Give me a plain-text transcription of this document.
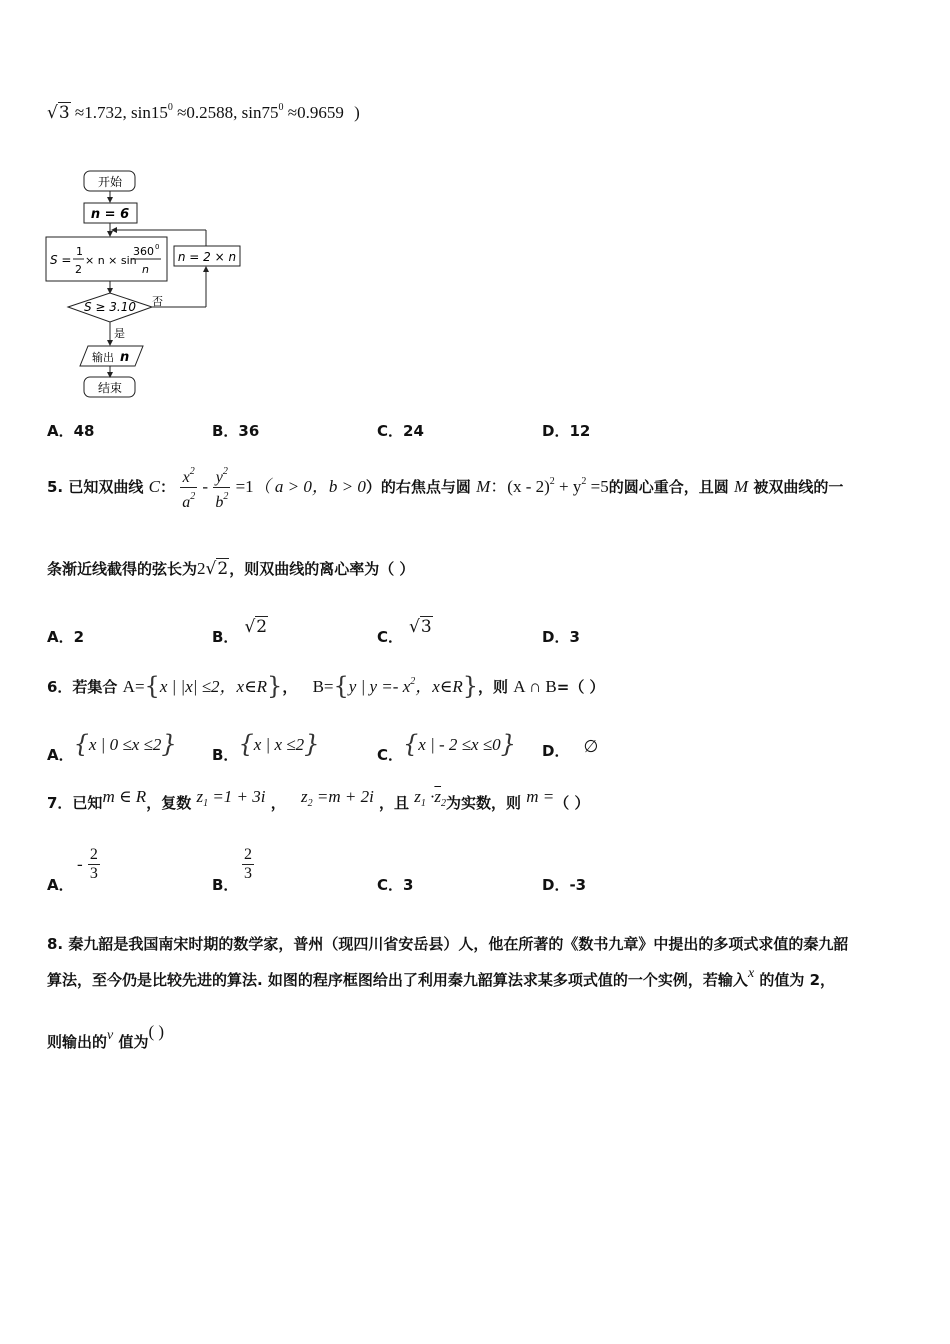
√3 ≈1.732, $\sin 15^0 \approx 0.2588$, $\sin 75^0 \approx 0.9659$ )
开始
n = 6
S =
1
2
× n × sin
360 0
n
S ≥ 3.10 否
n = 2 × n
是
输出 n
结束
A．48	B．36	C．24	D．12
5. 已知双曲线 C： $\frac{x^2}{a^2} - \frac{y^2}{b^2} =1$（ a > 0，b > 0）的右焦点与圆 M：$(x - 2)^2 + y^2 =5$的圆心重合，且圆 M 被双曲线的一
条渐近线截得的弦长为2√2，则双曲线的离心率为（ ）
A．2	B． √2	C． √3	D．3
6．若集合 A={x | |x| ≤2，x∈R}， B={y | $y =- x^2$，x∈R}，则 A ∩ B=（ ）
A．{x | 0 ≤x ≤2} B．{x | x ≤2}	C．{x | - 2 ≤x ≤0} D． ∅
7．已知m ∈ R，复数 $z_1 =1 + 3i$ ， $z_2 =m + 2i$ ，且 $z_1 \cdot\overline{z}_2$为实数，则 m =（ ）
A．
- $\frac{2}{3}$
B．
$\frac{2}{3}$
C．3	D．-3
8. 秦九韶是我国南宋时期的数学家，普州（现四川省安岳县）人，他在所著的《数书九章》中提出的多项式求值的秦九韶
算法，至今仍是比较先进的算法. 如图的程序框图给出了利用秦九韶算法求某多项式值的一个实例，若输入x 的值为 2，
则输出的v 值为( )
